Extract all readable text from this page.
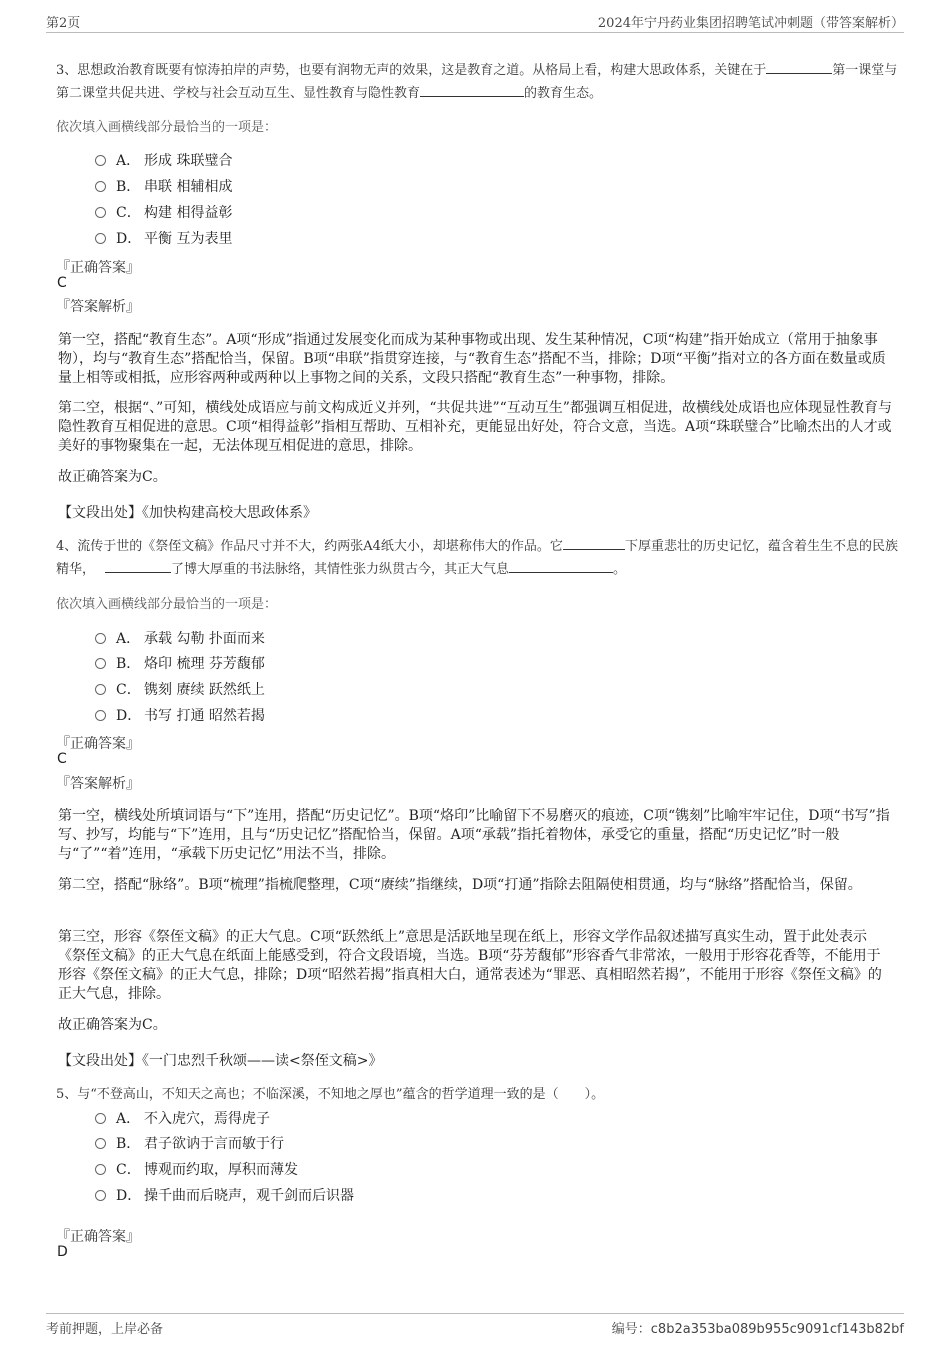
第2页	2024年宁丹药业集团招聘笔试冲刺题（带答案解析）
3、思想政治教育既要有惊涛拍岸的声势，也要有润物无声的效果，这是教育之道。从格局上看，构建大思政体系，关键在于	第一课堂与第二课堂共促共进、学校与社会互动互生、显性教育与隐性教育	的教育生态。
依次填入画横线部分最恰当的一项是：
A． 形成 珠联璧合
B． 串联 相辅相成
C． 构建 相得益彰
D． 平衡 互为表里
『正确答案』
C
『答案解析』
第一空，搭配“教育生态”。A项“形成”指通过发展变化而成为某种事物或出现、发生某种情况，C项“构建”指开始成立（常用于抽象事物），均与“教育生态”搭配恰当，保留。B项“串联”指贯穿连接，与“教育生态”搭配不当，排除；D项“平衡”指对立的各方面在数量或质量上相等或相抵，应形容两种或两种以上事物之间的关系，文段只搭配“教育生态”一种事物，排除。
第二空，根据“、”可知，横线处成语应与前文构成近义并列，“共促共进”“互动互生”都强调互相促进，故横线处成语也应体现显性教育与隐性教育互相促进的意思。C项“相得益彰”指相互帮助、互相补充，更能显出好处，符合文意，当选。A项“珠联璧合”比喻杰出的人才或美好的事物聚集在一起，无法体现互相促进的意思，排除。
故正确答案为C。
【文段出处】《加快构建高校大思政体系》
4、流传于世的《祭侄文稿》作品尺寸并不大，约两张A4纸大小，却堪称伟大的作品。它	下厚重悲壮的历史记忆，蕴含着生生不息的民族精华，	了博大厚重的书法脉络，其情性张力纵贯古今，其正大气息	。
依次填入画横线部分最恰当的一项是：
A． 承载 勾勒 扑面而来
B． 烙印 梳理 芬芳馥郁
C． 镌刻 赓续 跃然纸上
D． 书写 打通 昭然若揭
『正确答案』
C
『答案解析』
第一空，横线处所填词语与“下”连用，搭配“历史记忆”。B项“烙印”比喻留下不易磨灭的痕迹，C项“镌刻”比喻牢牢记住，D项“书写”指写、抄写，均能与“下”连用，且与“历史记忆”搭配恰当，保留。A项“承载”指托着物体，承受它的重量，搭配“历史记忆”时一般与“了”“着”连用，“承载下历史记忆”用法不当，排除。
第二空，搭配“脉络”。B项“梳理”指梳爬整理，C项“赓续”指继续，D项“打通”指除去阻隔使相贯通，均与“脉络”搭配恰当，保留。
第三空，形容《祭侄文稿》的正大气息。C项“跃然纸上”意思是活跃地呈现在纸上，形容文学作品叙述描写真实生动，置于此处表示《祭侄文稿》的正大气息在纸面上能感受到，符合文段语境，当选。B项“芬芳馥郁”形容香气非常浓，一般用于形容花香等，不能用于形容《祭侄文稿》的正大气息，排除；D项“昭然若揭”指真相大白，通常表述为“罪恶、真相昭然若揭”，不能用于形容《祭侄文稿》的正大气息，排除。
故正确答案为C。
【文段出处】《一门忠烈千秋颂——读<祭侄文稿>》
5、与“不登高山，不知天之高也；不临深溪，不知地之厚也”蕴含的哲学道理一致的是（　　）。
A． 不入虎穴，焉得虎子
B． 君子欲讷于言而敏于行
C． 博观而约取，厚积而薄发
D． 操千曲而后晓声，观千剑而后识器
『正确答案』
D
考前押题，上岸必备	编号：c8b2a353ba089b955c9091cf143b82bf
